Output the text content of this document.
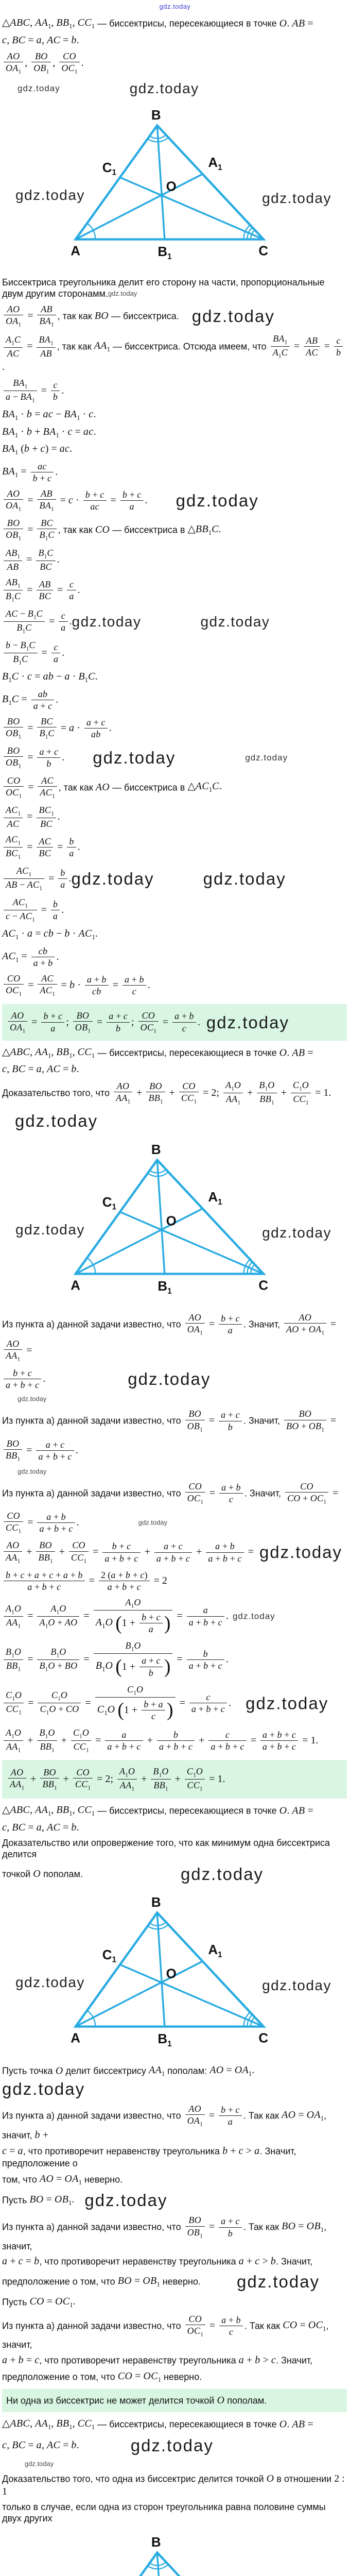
gdz.today
△ABC, $AA_1$, $BB_1$, $CC_1$ — биссектрисы, пересекающиеся в точке O. AB =
c, BC = a, AC = b.
$\frac{AO}{OA_1}$ , $\frac{BO}{OB_1}$ , $\frac{CO}{OC_1}$ .
gdz.today	gdz.today
gdz.today	gdz.today
B
A	C
O
$C_1$
$A_1$
$B_1$
Биссектриса треугольника делит его сторону на части, пропорциональные двум другим сторонамм.gdz.today
$\frac{AO}{OA_1} = \frac{AB}{BA_1}$ , так как BO — биссектриса. gdz.today
$\frac{A_1C}{AC} = \frac{BA_1}{AB}$ , так как $AA_1$ — биссектриса. Отсюда имеем, что $\frac{BA_1}{A_1C} = \frac{AB}{AC} = \frac{c}{b}$
.
$\frac{BA_1}{a - BA_1} = \frac{c}{b}$ .
$BA_1 \cdot b$ = ac − $BA_1 \cdot c$.
$BA_1 \cdot b + BA_1 \cdot c$ = ac.
$BA_1$ (b + c) = ac.
$BA_1 = \frac{ac}{b + c}$ .
$\frac{AO}{OA_1} = \frac{AB}{BA_1} = c \cdot \frac{b + c}{ac} = \frac{b + c}{a}$ . gdz.today
$\frac{BO}{OB_1} = \frac{BC}{B_1C}$ , так как CO — биссектриса в $\triangle BB_1C$.
$\frac{AB_1}{AB} = \frac{B_1C}{BC}$ .
$\frac{AB_1}{B_1C} = \frac{AB}{BC} = \frac{c}{a}$ .
$\frac{AC - B_1C}{B_1C} = \frac{c}{a}$ .gdz.today	gdz.today
$\frac{b - B_1C}{B_1C} = \frac{c}{a}$ .
$B_1C \cdot c$ = ab − $a \cdot B_1C$.
$B_1C = \frac{ab}{a + c}$ .
$\frac{BO}{OB_1} = \frac{BC}{B_1C} = a \cdot \frac{a + c}{ab}$ .
$\frac{BO}{OB_1} = \frac{a + c}{b}$ . gdz.today	gdz.today
$\frac{CO}{OC_1} = \frac{AC}{AC_1}$ , так как AO — биссектриса в $\triangle AC_1C$.
$\frac{AC_1}{AC} = \frac{BC_1}{BC}$ .
$\frac{AC_1}{BC_1} = \frac{AC}{BC} = \frac{b}{a}$ .
$\frac{AC_1}{AB - AC_1} = \frac{b}{a}$ .gdz.today	gdz.today
$\frac{AC_1}{c - AC_1} = \frac{b}{a}$ .
$AC_1 \cdot a$ = cb − $b \cdot AC_1$.
$AC_1 = \frac{cb}{a + b}$ .
$\frac{CO}{OC_1} = \frac{AC}{AC_1} = b \cdot \frac{a + b}{cb} = \frac{a + b}{c}$ .
$\frac{AO}{OA_1} = \frac{b + c}{a}$ ; $\frac{BO}{OB_1} = \frac{a + c}{b}$ ; $\frac{CO}{OC_1} = \frac{a + b}{c}$ . gdz.today
△ABC, $AA_1$, $BB_1$, $CC_1$ — биссектрисы, пересекающиеся в точке O. AB =
c, BC = a, AC = b.
Доказательство того, что $\frac{AO}{AA_1} + \frac{BO}{BB_1} + \frac{CO}{CC_1} = 2$; $\frac{A_1O}{AA_1} + \frac{B_1O}{BB_1} + \frac{C_1O}{CC_1} = 1$.
gdz.today
gdz.today	gdz.today
B
A	C
O
$C_1$
$A_1$
$B_1$
Из пункта а) данной задачи известно, что $\frac{AO}{OA_1} = \frac{b + c}{a}$ . Значит, $\frac{AO}{AO + OA_1}$ =
$\frac{AO}{AA_1}$ =
$\frac{b + c}{a + b + c}$ .	gdz.today
gdz.today
Из пункта а) данной задачи известно, что $\frac{BO}{OB_1} = \frac{a + c}{b}$ . Значит, $\frac{BO}{BO + OB_1}$ =
$\frac{BO}{BB_1} = \frac{a + c}{a + b + c}$ .
gdz.today
Из пункта а) данной задачи известно, что $\frac{CO}{OC_1} = \frac{a + b}{c}$ . Значит, $\frac{CO}{CO + OC_1}$ =
$\frac{CO}{CC_1} = \frac{a + b}{a + b + c}$ .	gdz.today
$\frac{AO}{AA_1} + \frac{BO}{BB_1} + \frac{CO}{CC_1} = \frac{b + c}{a + b + c} + \frac{a + c}{a + b + c} + \frac{a + b}{a + b + c}$ = gdz.today
$\frac{b + c + a + c + a + b}{a + b + c} = \frac{2 (a + b + c)}{a + b + c} = 2$
$\frac{A_1O}{AA_1} = \frac{A_1O}{A_1O + AO} = \frac{A_1O}{A_1O ( 1 + \frac{b + c}{a} )} = \frac{a}{a + b + c}$ . gdz.today
$\frac{B_1O}{BB_1} = \frac{B_1O}{B_1O + BO} = \frac{B_1O}{B_1O ( 1 + \frac{a + c}{b} )} = \frac{b}{a + b + c}$ .
$\frac{C_1O}{CC_1} = \frac{C_1O}{C_1O + CO} = \frac{C_1O}{C_1O ( 1 + \frac{b + a}{c} )} = \frac{c}{a + b + c}$ . gdz.today
$\frac{A_1O}{AA_1} + \frac{B_1O}{BB_1} + \frac{C_1O}{CC_1} = \frac{a}{a + b + c} + \frac{b}{a + b + c} + \frac{c}{a + b + c} = \frac{a + b + c}{a + b + c} = 1$.
$\frac{AO}{AA_1} + \frac{BO}{BB_1} + \frac{CO}{CC_1} = 2$; $\frac{A_1O}{AA_1} + \frac{B_1O}{BB_1} + \frac{C_1O}{CC_1} = 1$.
△ABC, $AA_1$, $BB_1$, $CC_1$ — биссектрисы, пересекающиеся в точке O. AB =
c, BC = a, AC = b.
Доказательство или опровержение того, что как минимум одна биссектриса делится
точкой O пополам.	gdz.today
gdz.today	gdz.today
B
A	C
O
$C_1$
$A_1$
$B_1$
Пусть точка O делит биссектрису $AA_1$ пополам: AO = $OA_1.gdz.today$
Из пункта а) данной задачи известно, что $\frac{AO}{OA_1} = \frac{b + c}{a}$ . Так как AO = $OA_1$, значит, b +
c = a, что противоречит неравенству треугольника b + c > a. Значит, предположение о
том, что AO = $OA_1$ неверно.
Пусть BO = $OB_1$. gdz.today
Из пункта а) данной задачи известно, что $\frac{BO}{OB_1} = \frac{a + c}{b}$ . Так как BO = $OB_1$, значит,
a + c = b, что противоречит неравенству треугольника a + c > b. Значит,
предположение о том, что BO = $OB_1$ неверно. gdz.today
Пусть CO = $OC_1$.
Из пункта а) данной задачи известно, что $\frac{CO}{OC_1} = \frac{a + b}{c}$ . Так как CO = $OC_1$, значит,
a + b = c, что противоречит неравенству треугольника a + b > c. Значит,
предположение о том, что CO = $OC_1$ неверно.
Ни одна из биссектрис не может делится точкой O пополам.
△ABC, $AA_1$, $BB_1$, $CC_1$ — биссектрисы, пересекающиеся в точке O. AB =
c, BC = a, AC = b.	gdz.today
gdz.today
Доказательство того, что одна из биссектрис делится точкой O в отношении 2 : 1
только в случае, если одна из сторон треугольника равна половине суммы двух других
B
